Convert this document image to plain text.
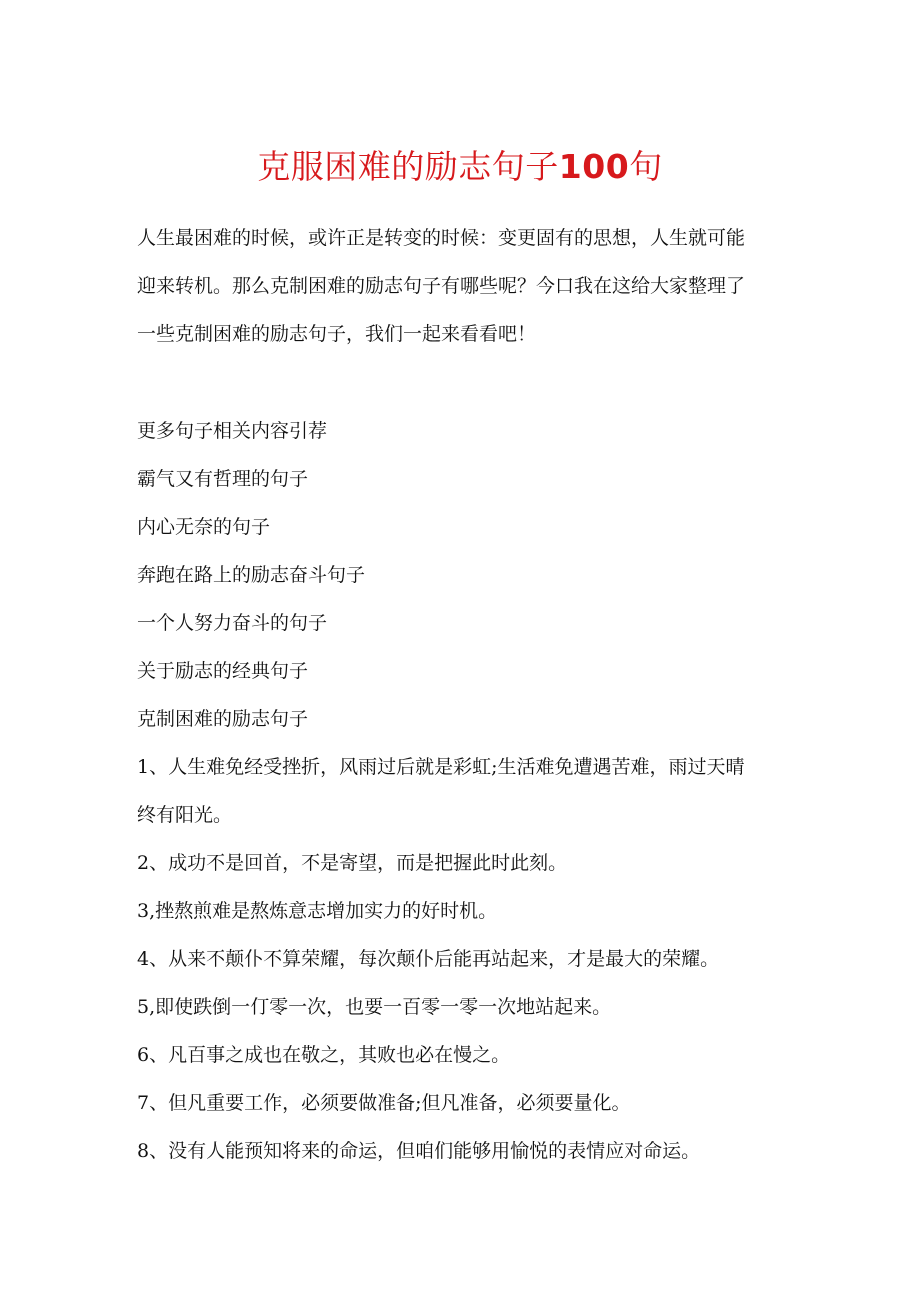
克服困难的励志句子100句

人生最困难的时候，或许正是转变的时候：变更固有的思想，人生就可能

迎来转机。那么克制困难的励志句子有哪些呢？今口我在这给大家整理了

一些克制困难的励志句子，我们一起来看看吧！

更多句子相关内容引荐

霸气又有哲理的句子

内心无奈的句子

奔跑在路上的励志奋斗句子

一个人努力奋斗的句子

关于励志的经典句子

克制困难的励志句子

1、人生难免经受挫折，风雨过后就是彩虹;生活难免遭遇苦难，雨过天晴

终有阳光。

2、成功不是回首，不是寄望，而是把握此时此刻。

3,挫熬煎难是熬炼意志增加实力的好时机。

4、从来不颠仆不算荣耀，每次颠仆后能再站起来，才是最大的荣耀。

5,即使跌倒一仃零一次，也要一百零一零一次地站起来。

6、凡百事之成也在敬之，其败也必在慢之。

7、但凡重要工作，必须要做准备;但凡准备，必须要量化。

8、没有人能预知将来的命运，但咱们能够用愉悦的表情应对命运。
